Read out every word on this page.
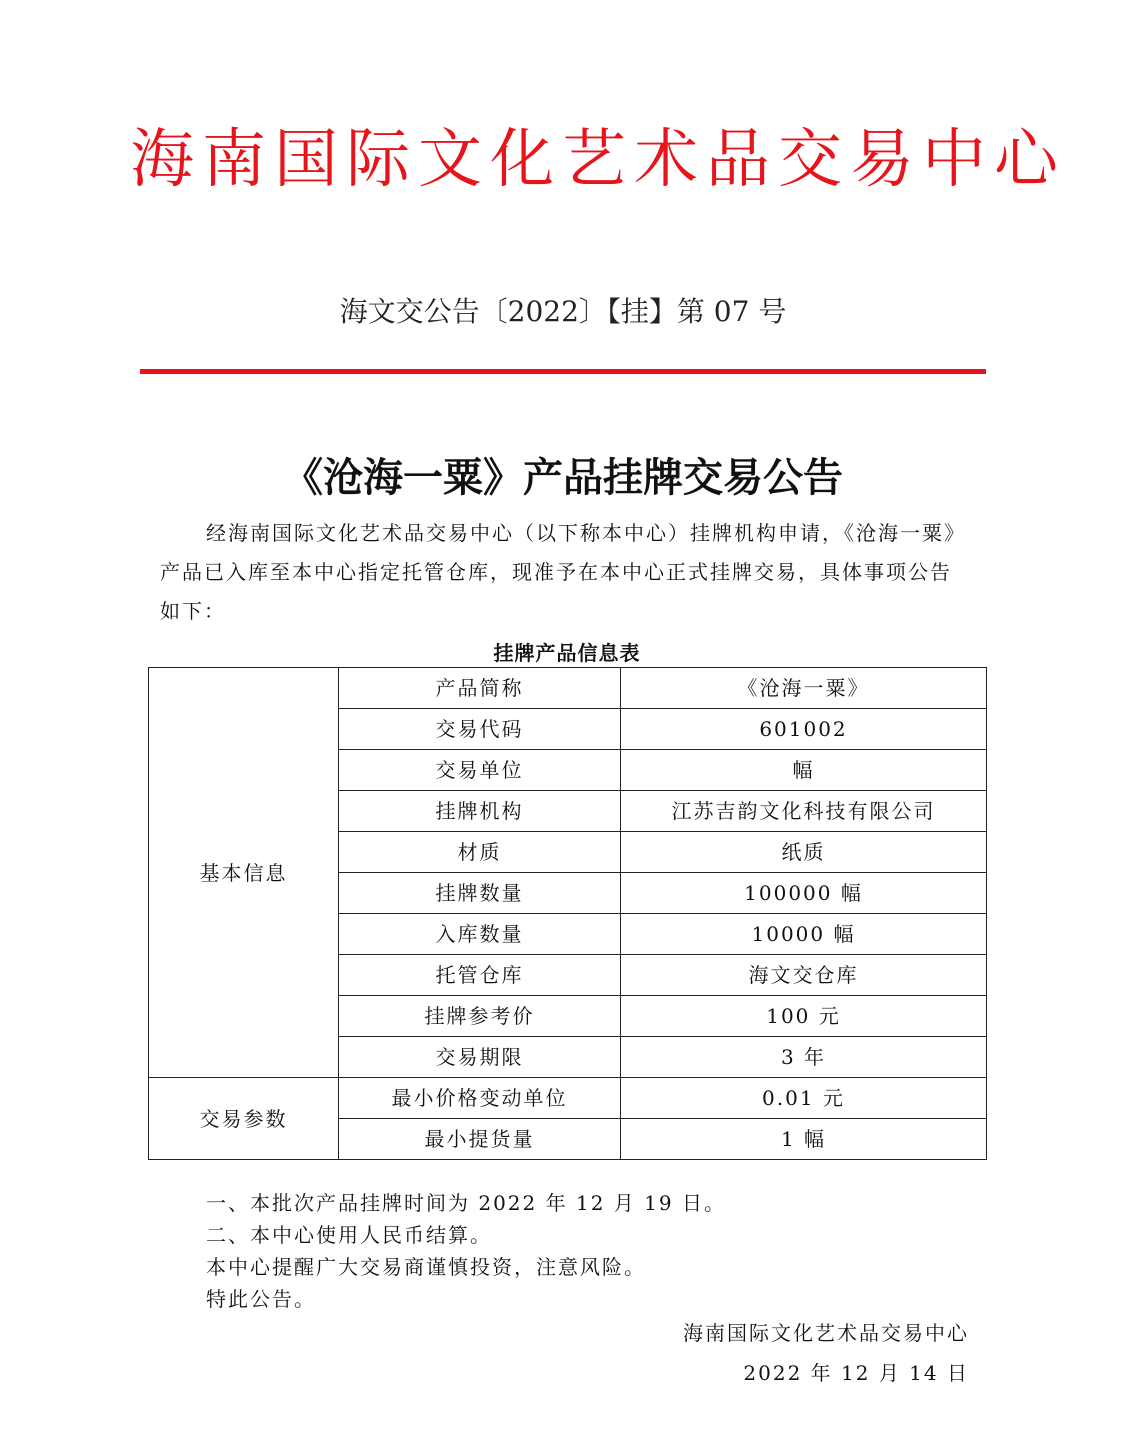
海南国际文化艺术品交易中心
海文交公告〔2022〕【挂】第 07 号
《沧海一粟》产品挂牌交易公告

经海南国际文化艺术品交易中心（以下称本中心）挂牌机构申请，《沧海一粟》产品已入库至本中心指定托管仓库，现准予在本中心正式挂牌交易，具体事项公告如下：

挂牌产品信息表
基本信息	产品简称	《沧海一粟》
	交易代码	601002
	交易单位	幅
	挂牌机构	江苏吉韵文化科技有限公司
	材质	纸质
	挂牌数量	100000 幅
	入库数量	10000 幅
	托管仓库	海文交仓库
	挂牌参考价	100 元
	交易期限	3 年
交易参数	最小价格变动单位	0.01 元
	最小提货量	1 幅

一、本批次产品挂牌时间为 2022 年 12 月 19 日。

二、本中心使用人民币结算。

本中心提醒广大交易商谨慎投资，注意风险。

特此公告。

海南国际文化艺术品交易中心
2022 年 12 月 14 日
